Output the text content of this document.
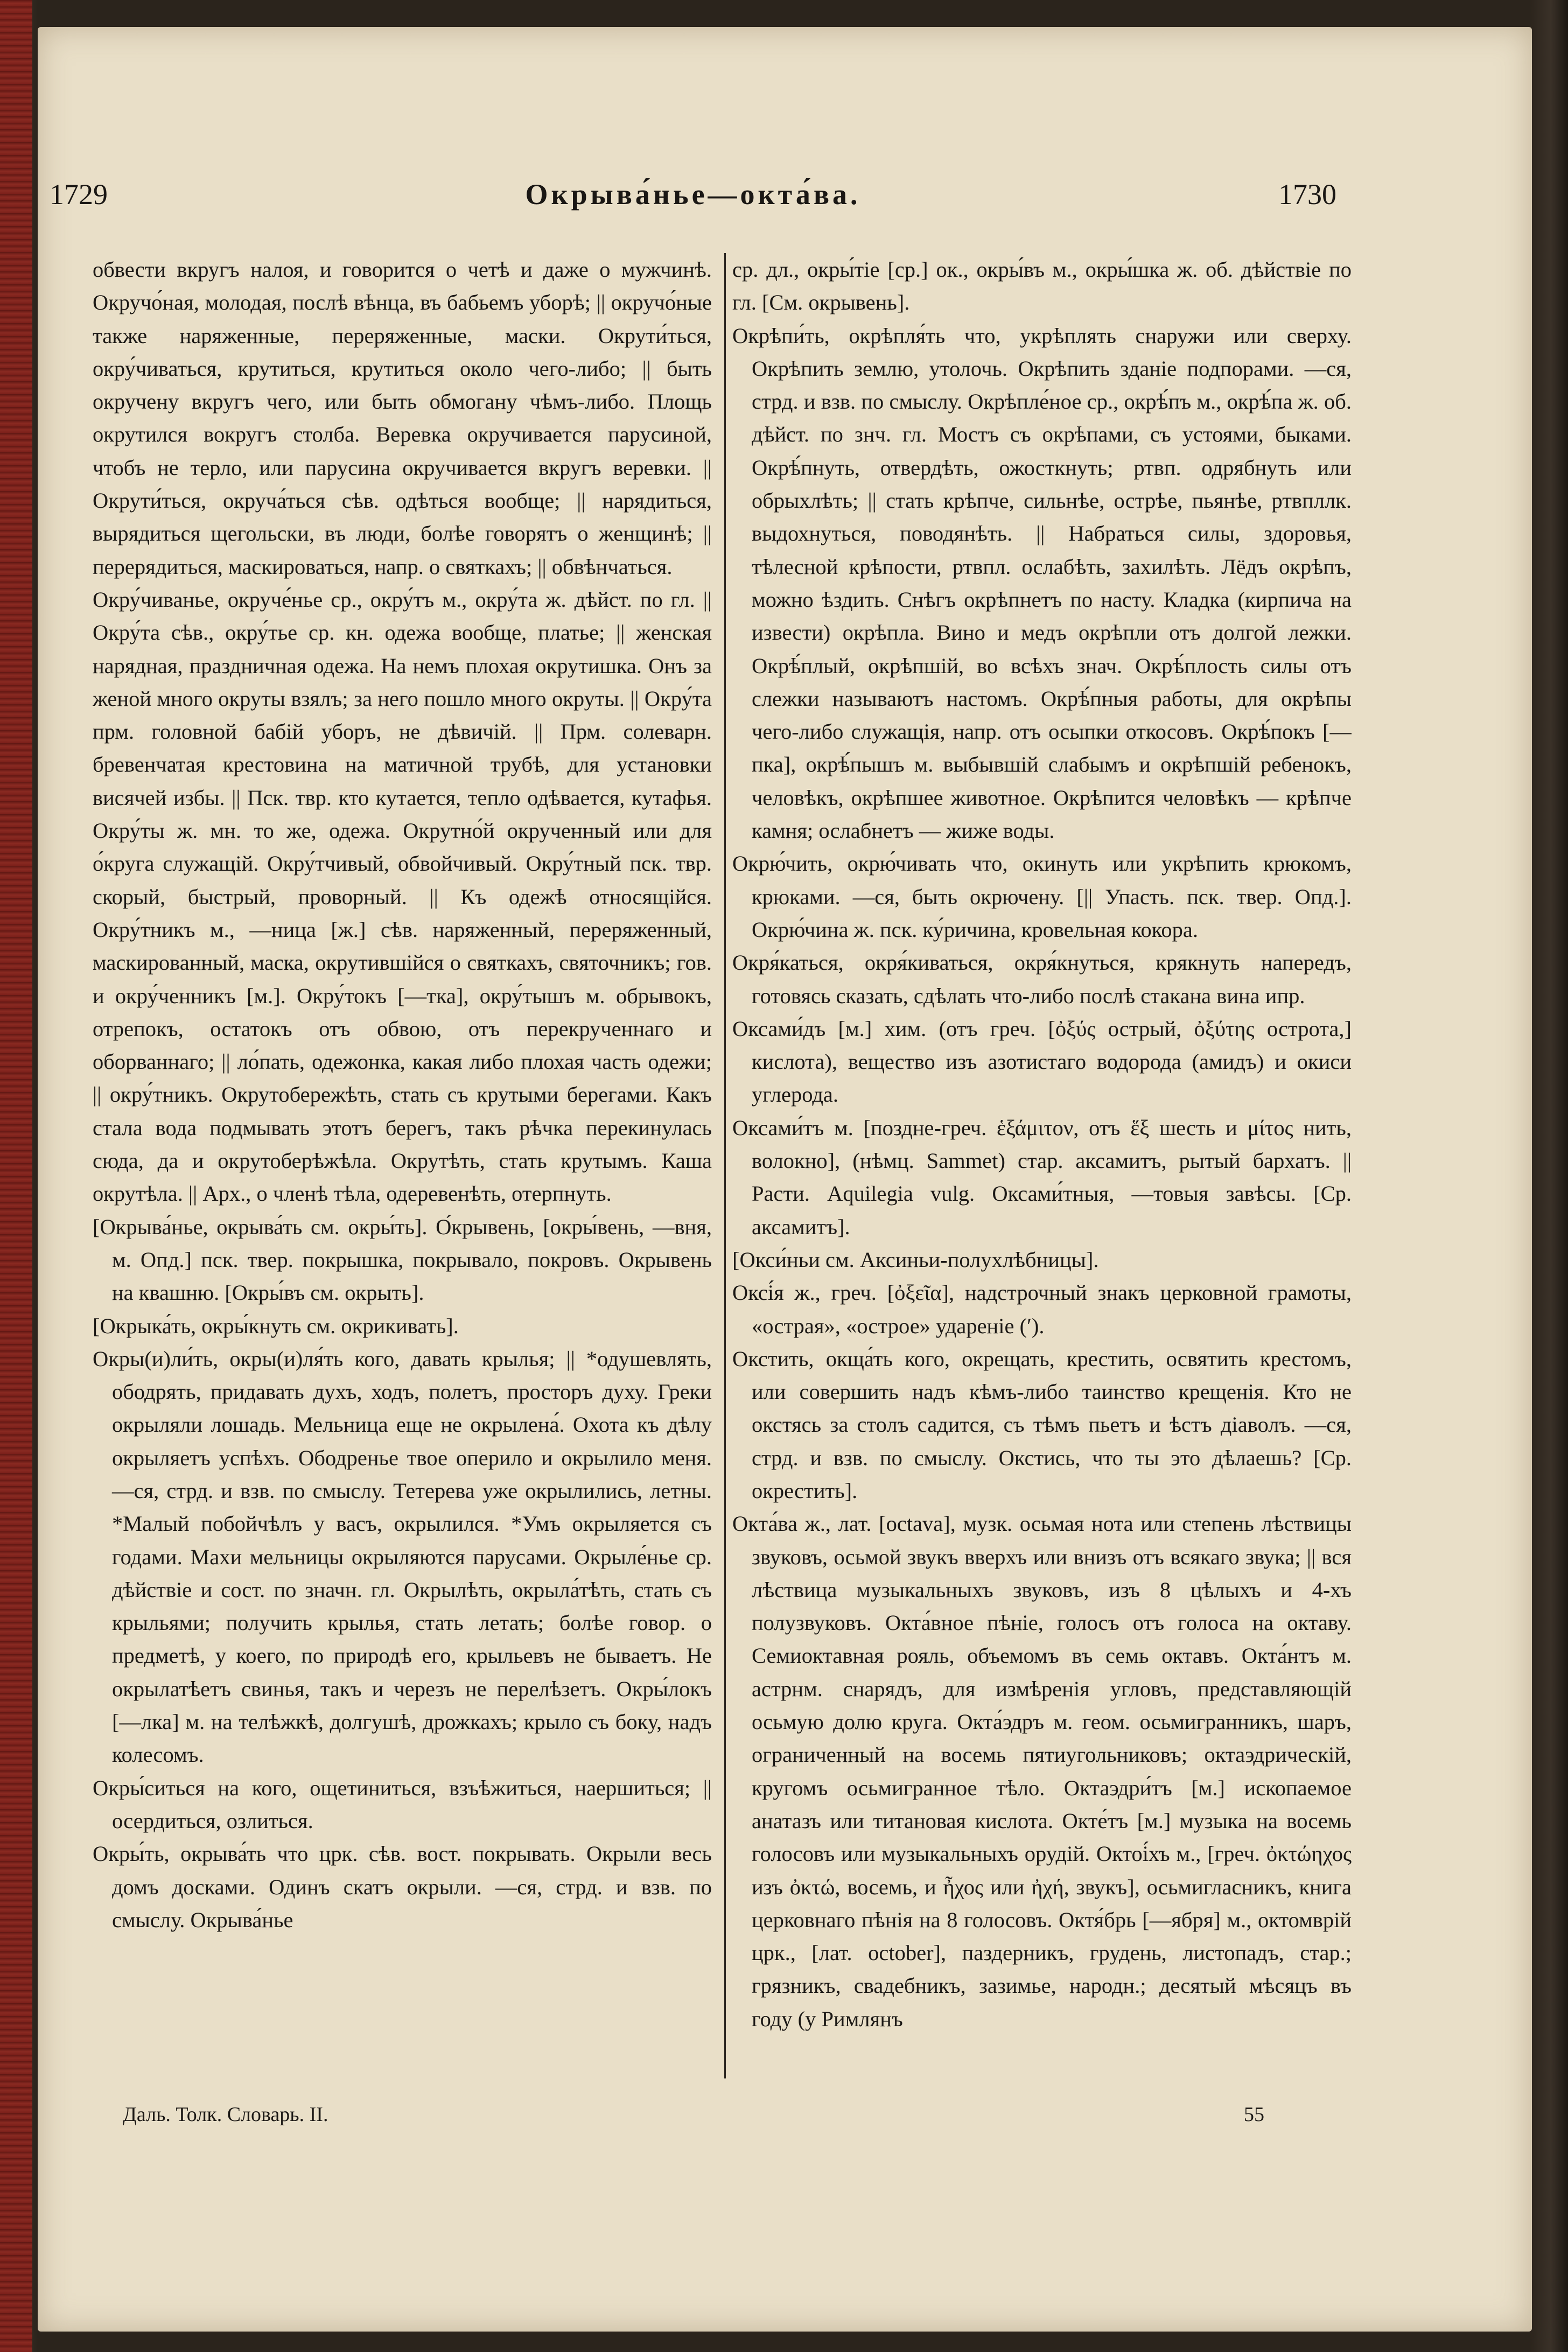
1729	Окрыва́нье—окта́ва.	1730

обвести вкругъ налоя, и говорится о четѣ и даже о мужчинѣ. Окручо́ная, молодая, послѣ вѣнца, въ бабьемъ уборѣ; || окручо́ные также наряженные, переряженные, маски. Окрути́ться, окру́чиваться, крутиться, крутиться около чего-либо; || быть окручену вкругъ чего, или быть обмогану чѣмъ-либо. Площь окрутился вокругъ столба. Веревка окручивается парусиной, чтобъ не терло, или парусина окручивается вкругъ веревки. || Окрути́ться, окруча́ться сѣв. одѣться вообще; || нарядиться, вырядиться щегольски, въ люди, болѣе говорятъ о женщинѣ; || перерядиться, маскироваться, напр. о святкахъ; || обвѣнчаться.

Окру́чиванье, окруче́нье ср., окру́тъ м., окру́та ж. дѣйст. по гл. || Окру́та сѣв., окру́тье ср. кн. одежа вообще, платье; || женская нарядная, праздничная одежа. На немъ плохая окрутишка. Онъ за женой много окруты взялъ; за него пошло много окруты. || Окру́та прм. головной бабій уборъ, не дѣвичій. || Прм. солеварн. бревенчатая крестовина на матичной трубѣ, для установки висячей избы. || Пск. твр. кто кутается, тепло одѣвается, кутафья. Окру́ты ж. мн. то же, одежа. Окрутно́й окрученный или для о́круга служащій. Окру́тчивый, обвойчивый. Окру́тный пск. твр. скорый, быстрый, проворный. || Къ одежѣ относящійся. Окру́тникъ м., —ница [ж.] сѣв. наряженный, переряженный, маскированный, маска, окрутившійся о святкахъ, святочникъ; гов. и окру́ченникъ [м.]. Окру́токъ [—тка], окру́тышъ м. обрывокъ, отрепокъ, остатокъ отъ обвою, отъ перекрученнаго и оборваннаго; || ло́пать, одежонка, какая либо плохая часть одежи; || окру́тникъ. Окрутобережѣть, стать съ крутыми берегами. Какъ стала вода подмывать этотъ берегъ, такъ рѣчка перекинулась сюда, да и окрутоберѣжѣла. Окрутѣть, стать крутымъ. Каша окрутѣла. || Арх., о членѣ тѣла, одеревенѣть, отерпнуть.

[Окрыва́нье, окрыва́ть см. окры́ть]. О́крывень, [окры́вень, —вня, м. Опд.] пск. твер. покрышка, покрывало, покровъ. Окрывень на квашню. [Окры́въ см. окрыть].

[Окрыка́ть, окры́кнуть см. окрикивать].

Окры(и)ли́ть, окры(и)ля́ть кого, давать крылья; || *одушевлять, ободрять, придавать духъ, ходъ, полетъ, просторъ духу. Греки окрыляли лошадь. Мельница еще не окрылена́. Охота къ дѣлу окрыляетъ успѣхъ. Ободренье твое оперило и окрылило меня. —ся, стрд. и взв. по смыслу. Тетерева уже окрылились, летны. *Малый побойчѣлъ у васъ, окрылился. *Умъ окрыляется съ годами. Махи мельницы окрыляются парусами. Окрыле́нье ср. дѣйствіе и сост. по значн. гл. Окрылѣть, окрыла́тѣть, стать съ крыльями; получить крылья, стать летать; болѣе говор. о предметѣ, у коего, по природѣ его, крыльевъ не бываетъ. Не окрылатѣетъ свинья, такъ и черезъ не перелѣзетъ. Окры́локъ [—лка] м. на телѣжкѣ, долгушѣ, дрожкахъ; крыло съ боку, надъ колесомъ.

Окры́ситься на кого, ощетиниться, взъѣжиться, наершиться; || осердиться, озлиться.

Окры́ть, окрыва́ть что црк. сѣв. вост. покрывать. Окрыли весь домъ досками. Одинъ скатъ окрыли. —ся, стрд. и взв. по смыслу. Окрыва́нье

ср. дл., окры́тіе [ср.] ок., окры́въ м., окры́шка ж. об. дѣйствіе по гл. [См. окрывень].

Окрѣпи́ть, окрѣпля́ть что, укрѣплять снаружи или сверху. Окрѣпить землю, утолочь. Окрѣпить зданіе подпорами. —ся, стрд. и взв. по смыслу. Окрѣпле́ное ср., окрѣ́пъ м., окрѣ́па ж. об. дѣйст. по знч. гл. Мостъ съ окрѣпами, съ устоями, быками. Окрѣ́пнуть, отвердѣть, ожосткнуть; ртвп. одрябнуть или обрыхлѣть; || стать крѣпче, сильнѣе, острѣе, пьянѣе, ртвпллк. выдохнуться, поводянѣть. || Набраться силы, здоровья, тѣлесной крѣпости, ртвпл. ослабѣть, захилѣть. Лёдъ окрѣпъ, можно ѣздить. Снѣгъ окрѣпнетъ по насту. Кладка (кирпича на извести) окрѣпла. Вино и медъ окрѣпли отъ долгой лежки. Окрѣ́плый, окрѣпшій, во всѣхъ знач. Окрѣ́плость силы отъ слежки называютъ настомъ. Окрѣ́пныя работы, для окрѣпы чего-либо служащія, напр. отъ осыпки откосовъ. Окрѣ́покъ [—пка], окрѣ́пышъ м. выбывшій слабымъ и окрѣпшій ребенокъ, человѣкъ, окрѣпшее животное. Окрѣпится человѣкъ — крѣпче камня; ослабнетъ — жиже воды.

Окрю́чить, окрю́чивать что, окинуть или укрѣпить крюкомъ, крюками. —ся, быть окрючену. [|| Упасть. пск. твер. Опд.]. Окрю́чина ж. пск. ку́ричина, кровельная кокора.

Окря́каться, окря́киваться, окря́кнуться, крякнуть напередъ, готовясь сказать, сдѣлать что-либо послѣ стакана вина ипр.

Оксами́дъ [м.] хим. (отъ греч. [ὀξύς острый, ὀξύτης острота,] кислота), вещество изъ азотистаго водорода (амидъ) и окиси углерода.

Оксами́тъ м. [поздне-греч. ἑξάμιτον, отъ ἕξ шесть и μίτος нить, волокно], (нѣмц. Sammet) стар. аксамитъ, рытый бархатъ. || Расти. Aquilegia vulg. Оксами́тныя, —товыя завѣсы. [Ср. аксамитъ].

[Окси́ньи см. Аксиньи-полухлѣбницы].

Оксі́я ж., греч. [ὀξεῖα], надстрочный знакъ церковной грамоты, «острая», «острое» удареніе (ʹ).

Окстить, окща́ть кого, окрещать, крестить, освятить крестомъ, или совершить надъ кѣмъ-либо таинство крещенія. Кто не окстясь за столъ садится, съ тѣмъ пьетъ и ѣстъ діаволъ. —ся, стрд. и взв. по смыслу. Окстись, что ты это дѣлаешь? [Ср. окрестить].

Окта́ва ж., лат. [octava], музк. осьмая нота или степень лѣствицы звуковъ, осьмой звукъ вверхъ или внизъ отъ всякаго звука; || вся лѣствица музыкальныхъ звуковъ, изъ 8 цѣлыхъ и 4-хъ полузвуковъ. Окта́вное пѣніе, голосъ отъ голоса на октаву. Семиоктавная рояль, объемомъ въ семь октавъ. Окта́нтъ м. астрнм. снарядъ, для измѣренія угловъ, представляющій осьмую долю круга. Окта́эдръ м. геом. осьмигранникъ, шаръ, ограниченный на восемь пятиугольниковъ; октаэдрическій, кругомъ осьмигранное тѣло. Октаэдри́тъ [м.] ископаемое анатазъ или титановая кислота. Окте́тъ [м.] музыка на восемь голосовъ или музыкальныхъ орудій. Октоі́хъ м., [греч. ὀκτώηχος изъ ὀκτώ, восемь, и ἦχος или ἠχή, звукъ], осьмигласникъ, книга церковнаго пѣнія на 8 голосовъ. Октя́брь [—ября] м., октомврій црк., [лат. october], паздерникъ, грудень, листопадъ, стар.; грязникъ, свадебникъ, зазимье, народн.; десятый мѣсяцъ въ году (у Римлянъ

Даль. Толк. Словарь. II.	55
